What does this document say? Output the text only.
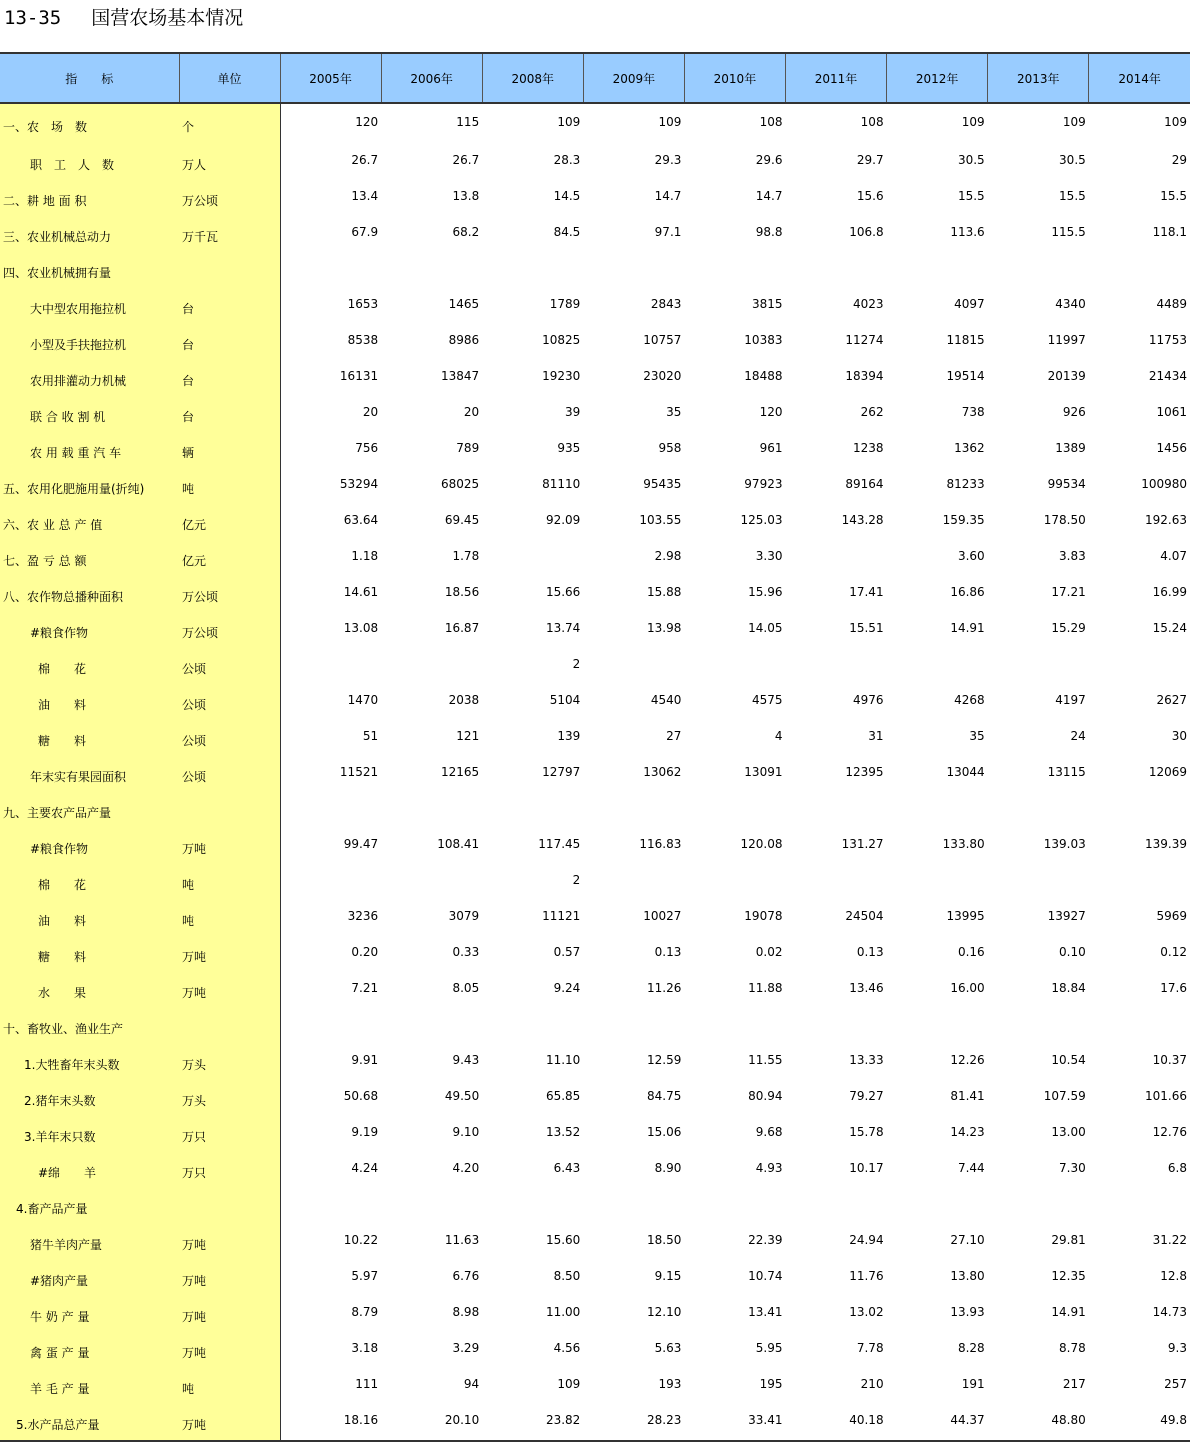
13-35 国营农场基本情况
指　　标	单位	2005年	2006年	2008年	2009年	2010年	2011年	2012年	2013年	2014年
一、农　场　数	个	120	115	109	109	108	108	109	109	109
职　工　人　数	万人	26.7	26.7	28.3	29.3	29.6	29.7	30.5	30.5	29
二、耕 地 面 积	万公顷	13.4	13.8	14.5	14.7	14.7	15.6	15.5	15.5	15.5
三、农业机械总动力	万千瓦	67.9	68.2	84.5	97.1	98.8	106.8	113.6	115.5	118.1
四、农业机械拥有量										
大中型农用拖拉机	台	1653	1465	1789	2843	3815	4023	4097	4340	4489
小型及手扶拖拉机	台	8538	8986	10825	10757	10383	11274	11815	11997	11753
农用排灌动力机械	台	16131	13847	19230	23020	18488	18394	19514	20139	21434
联 合 收 割 机	台	20	20	39	35	120	262	738	926	1061
农 用 载 重 汽 车	辆	756	789	935	958	961	1238	1362	1389	1456
五、农用化肥施用量(折纯)	吨	53294	68025	81110	95435	97923	89164	81233	99534	100980
六、农 业 总 产 值	亿元	63.64	69.45	92.09	103.55	125.03	143.28	159.35	178.50	192.63
七、盈 亏 总 额	亿元	1.18	1.78		2.98	3.30		3.60	3.83	4.07
八、农作物总播种面积	万公顷	14.61	18.56	15.66	15.88	15.96	17.41	16.86	17.21	16.99
#粮食作物	万公顷	13.08	16.87	13.74	13.98	14.05	15.51	14.91	15.29	15.24
棉　　花	公顷			2						
油　　料	公顷	1470	2038	5104	4540	4575	4976	4268	4197	2627
糖　　料	公顷	51	121	139	27	4	31	35	24	30
年末实有果园面积	公顷	11521	12165	12797	13062	13091	12395	13044	13115	12069
九、主要农产品产量										
#粮食作物	万吨	99.47	108.41	117.45	116.83	120.08	131.27	133.80	139.03	139.39
棉　　花	吨			2						
油　　料	吨	3236	3079	11121	10027	19078	24504	13995	13927	5969
糖　　料	万吨	0.20	0.33	0.57	0.13	0.02	0.13	0.16	0.10	0.12
水　　果	万吨	7.21	8.05	9.24	11.26	11.88	13.46	16.00	18.84	17.6
十、畜牧业、渔业生产										
1.大牲畜年末头数	万头	9.91	9.43	11.10	12.59	11.55	13.33	12.26	10.54	10.37
2.猪年末头数	万头	50.68	49.50	65.85	84.75	80.94	79.27	81.41	107.59	101.66
3.羊年末只数	万只	9.19	9.10	13.52	15.06	9.68	15.78	14.23	13.00	12.76
#绵　　羊	万只	4.24	4.20	6.43	8.90	4.93	10.17	7.44	7.30	6.8
4.畜产品产量										
猪牛羊肉产量	万吨	10.22	11.63	15.60	18.50	22.39	24.94	27.10	29.81	31.22
#猪肉产量	万吨	5.97	6.76	8.50	9.15	10.74	11.76	13.80	12.35	12.8
牛 奶 产 量	万吨	8.79	8.98	11.00	12.10	13.41	13.02	13.93	14.91	14.73
禽 蛋 产 量	万吨	3.18	3.29	4.56	5.63	5.95	7.78	8.28	8.78	9.3
羊 毛 产 量	吨	111	94	109	193	195	210	191	217	257
5.水产品总产量	万吨	18.16	20.10	23.82	28.23	33.41	40.18	44.37	48.80	49.8
